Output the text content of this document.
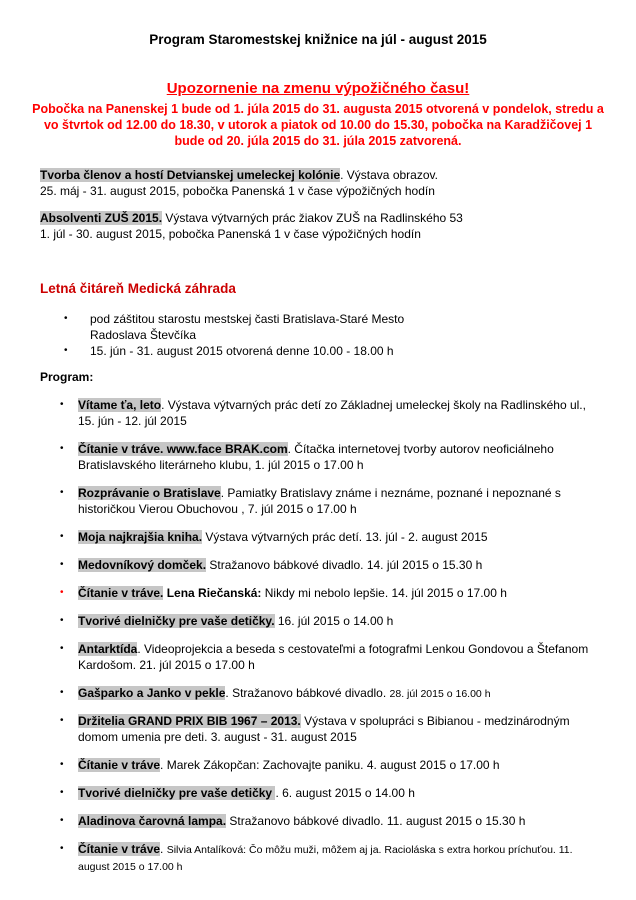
Program Staromestskej knižnice na júl - august 2015

Upozornenie na zmenu výpožičného času!

Pobočka na Panenskej 1 bude od 1. júla 2015 do 31. augusta 2015 otvorená v pondelok, stredu a vo štvrtok od 12.00 do 18.30, v utorok a piatok od 10.00 do 15.30, pobočka na Karadžičovej 1 bude od 20. júla 2015 do 31. júla 2015 zatvorená.

Tvorba členov a hostí Detvianskej umeleckej kolónie. Výstava obrazov.
25. máj - 31. august 2015, pobočka Panenská 1 v čase výpožičných hodín
Absolventi ZUŠ 2015. Výstava výtvarných prác žiakov ZUŠ na Radlinského 53
1. júl - 30. august 2015, pobočka Panenská 1 v čase výpožičných hodín

Letná čitáreň Medická záhrada

•	pod záštitou starostu mestskej časti Bratislava-Staré Mesto Radoslava Števčíka
•	15. jún - 31. august 2015 otvorená denne 10.00 - 18.00 h

Program:

•	Vítame ťa, leto. Výstava výtvarných prác detí zo Základnej umeleckej školy na Radlinského ul., 15. jún - 12. júl 2015
•	Čítanie v tráve. www.face BRAK.com. Čítačka internetovej tvorby autorov neoficiálneho Bratislavského literárneho klubu, 1. júl 2015 o 17.00 h
•	Rozprávanie o Bratislave. Pamiatky Bratislavy známe i neznáme, poznané i nepoznané s historičkou Vierou Obuchovou , 7. júl 2015 o 17.00 h
•	Moja najkrajšia kniha. Výstava výtvarných prác detí. 13. júl - 2. august 2015
•	Medovníkový domček. Stražanovo bábkové divadlo. 14. júl 2015 o 15.30 h
•	Čítanie v tráve. Lena Riečanská: Nikdy mi nebolo lepšie. 14. júl 2015 o 17.00 h
•	Tvorivé dielničky pre vaše detičky. 16. júl 2015 o 14.00 h
•	Antarktída. Videoprojekcia a beseda s cestovateľmi a fotografmi Lenkou Gondovou a Štefanom Kardošom. 21. júl 2015 o 17.00 h
•	Gašparko a Janko v pekle. Stražanovo bábkové divadlo. 28. júl 2015 o 16.00 h
•	Držitelia GRAND PRIX BIB 1967 – 2013. Výstava v spolupráci s Bibianou - medzinárodným domom umenia pre deti. 3. august - 31. august 2015
•	Čítanie v tráve. Marek Zákopčan: Zachovajte paniku. 4. august 2015 o 17.00 h
•	Tvorivé dielničky pre vaše detičky . 6. august 2015 o 14.00 h
•	Aladinova čarovná lampa. Stražanovo bábkové divadlo. 11. august 2015 o 15.30 h
•	Čítanie v tráve. Silvia Antalíková: Čo môžu muži, môžem aj ja. Racioláska s extra horkou príchuťou. 11. august 2015 o 17.00 h
